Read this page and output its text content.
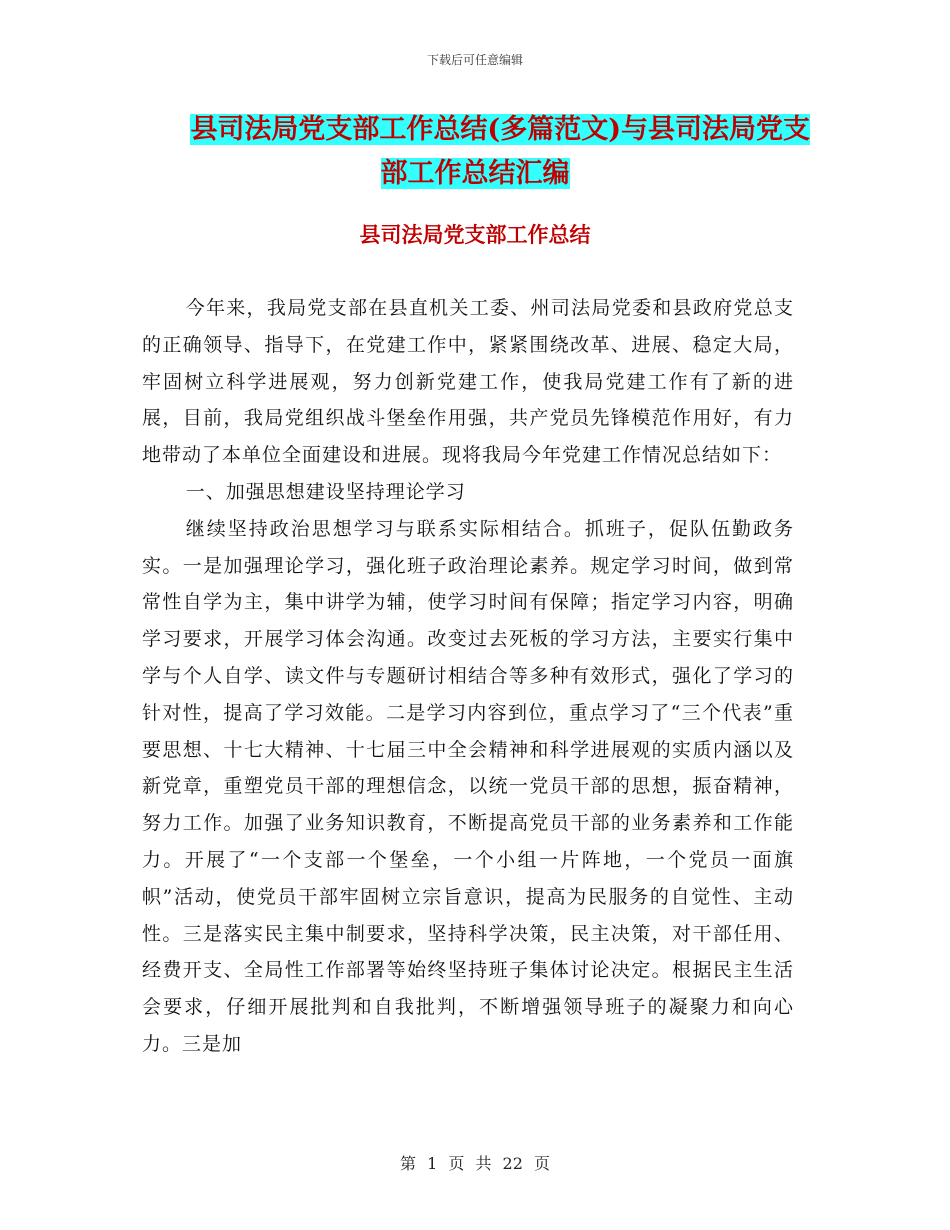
下载后可任意编辑
县司法局党支部工作总结(多篇范文)与县司法局党支
部工作总结汇编
县司法局党支部工作总结

今年来，我局党支部在县直机关工委、州司法局党委和县政府党总支的正确领导、指导下，在党建工作中，紧紧围绕改革、进展、稳定大局，牢固树立科学进展观，努力创新党建工作，使我局党建工作有了新的进展，目前，我局党组织战斗堡垒作用强，共产党员先锋模范作用好，有力地带动了本单位全面建设和进展。现将我局今年党建工作情况总结如下：

一、加强思想建设坚持理论学习

继续坚持政治思想学习与联系实际相结合。抓班子，促队伍勤政务实。一是加强理论学习，强化班子政治理论素养。规定学习时间，做到常常性自学为主，集中讲学为辅，使学习时间有保障；指定学习内容，明确学习要求，开展学习体会沟通。改变过去死板的学习方法，主要实行集中学与个人自学、读文件与专题研讨相结合等多种有效形式，强化了学习的针对性，提高了学习效能。二是学习内容到位，重点学习了“三个代表”重要思想、十七大精神、十七届三中全会精神和科学进展观的实质内涵以及新党章，重塑党员干部的理想信念，以统一党员干部的思想，振奋精神，努力工作。加强了业务知识教育，不断提高党员干部的业务素养和工作能力。开展了“一个支部一个堡垒，一个小组一片阵地，一个党员一面旗帜”活动，使党员干部牢固树立宗旨意识，提高为民服务的自觉性、主动性。三是落实民主集中制要求，坚持科学决策，民主决策，对干部任用、经费开支、全局性工作部署等始终坚持班子集体讨论决定。根据民主生活会要求，仔细开展批判和自我批判，不断增强领导班子的凝聚力和向心力。三是加

第 1 页 共 22 页
